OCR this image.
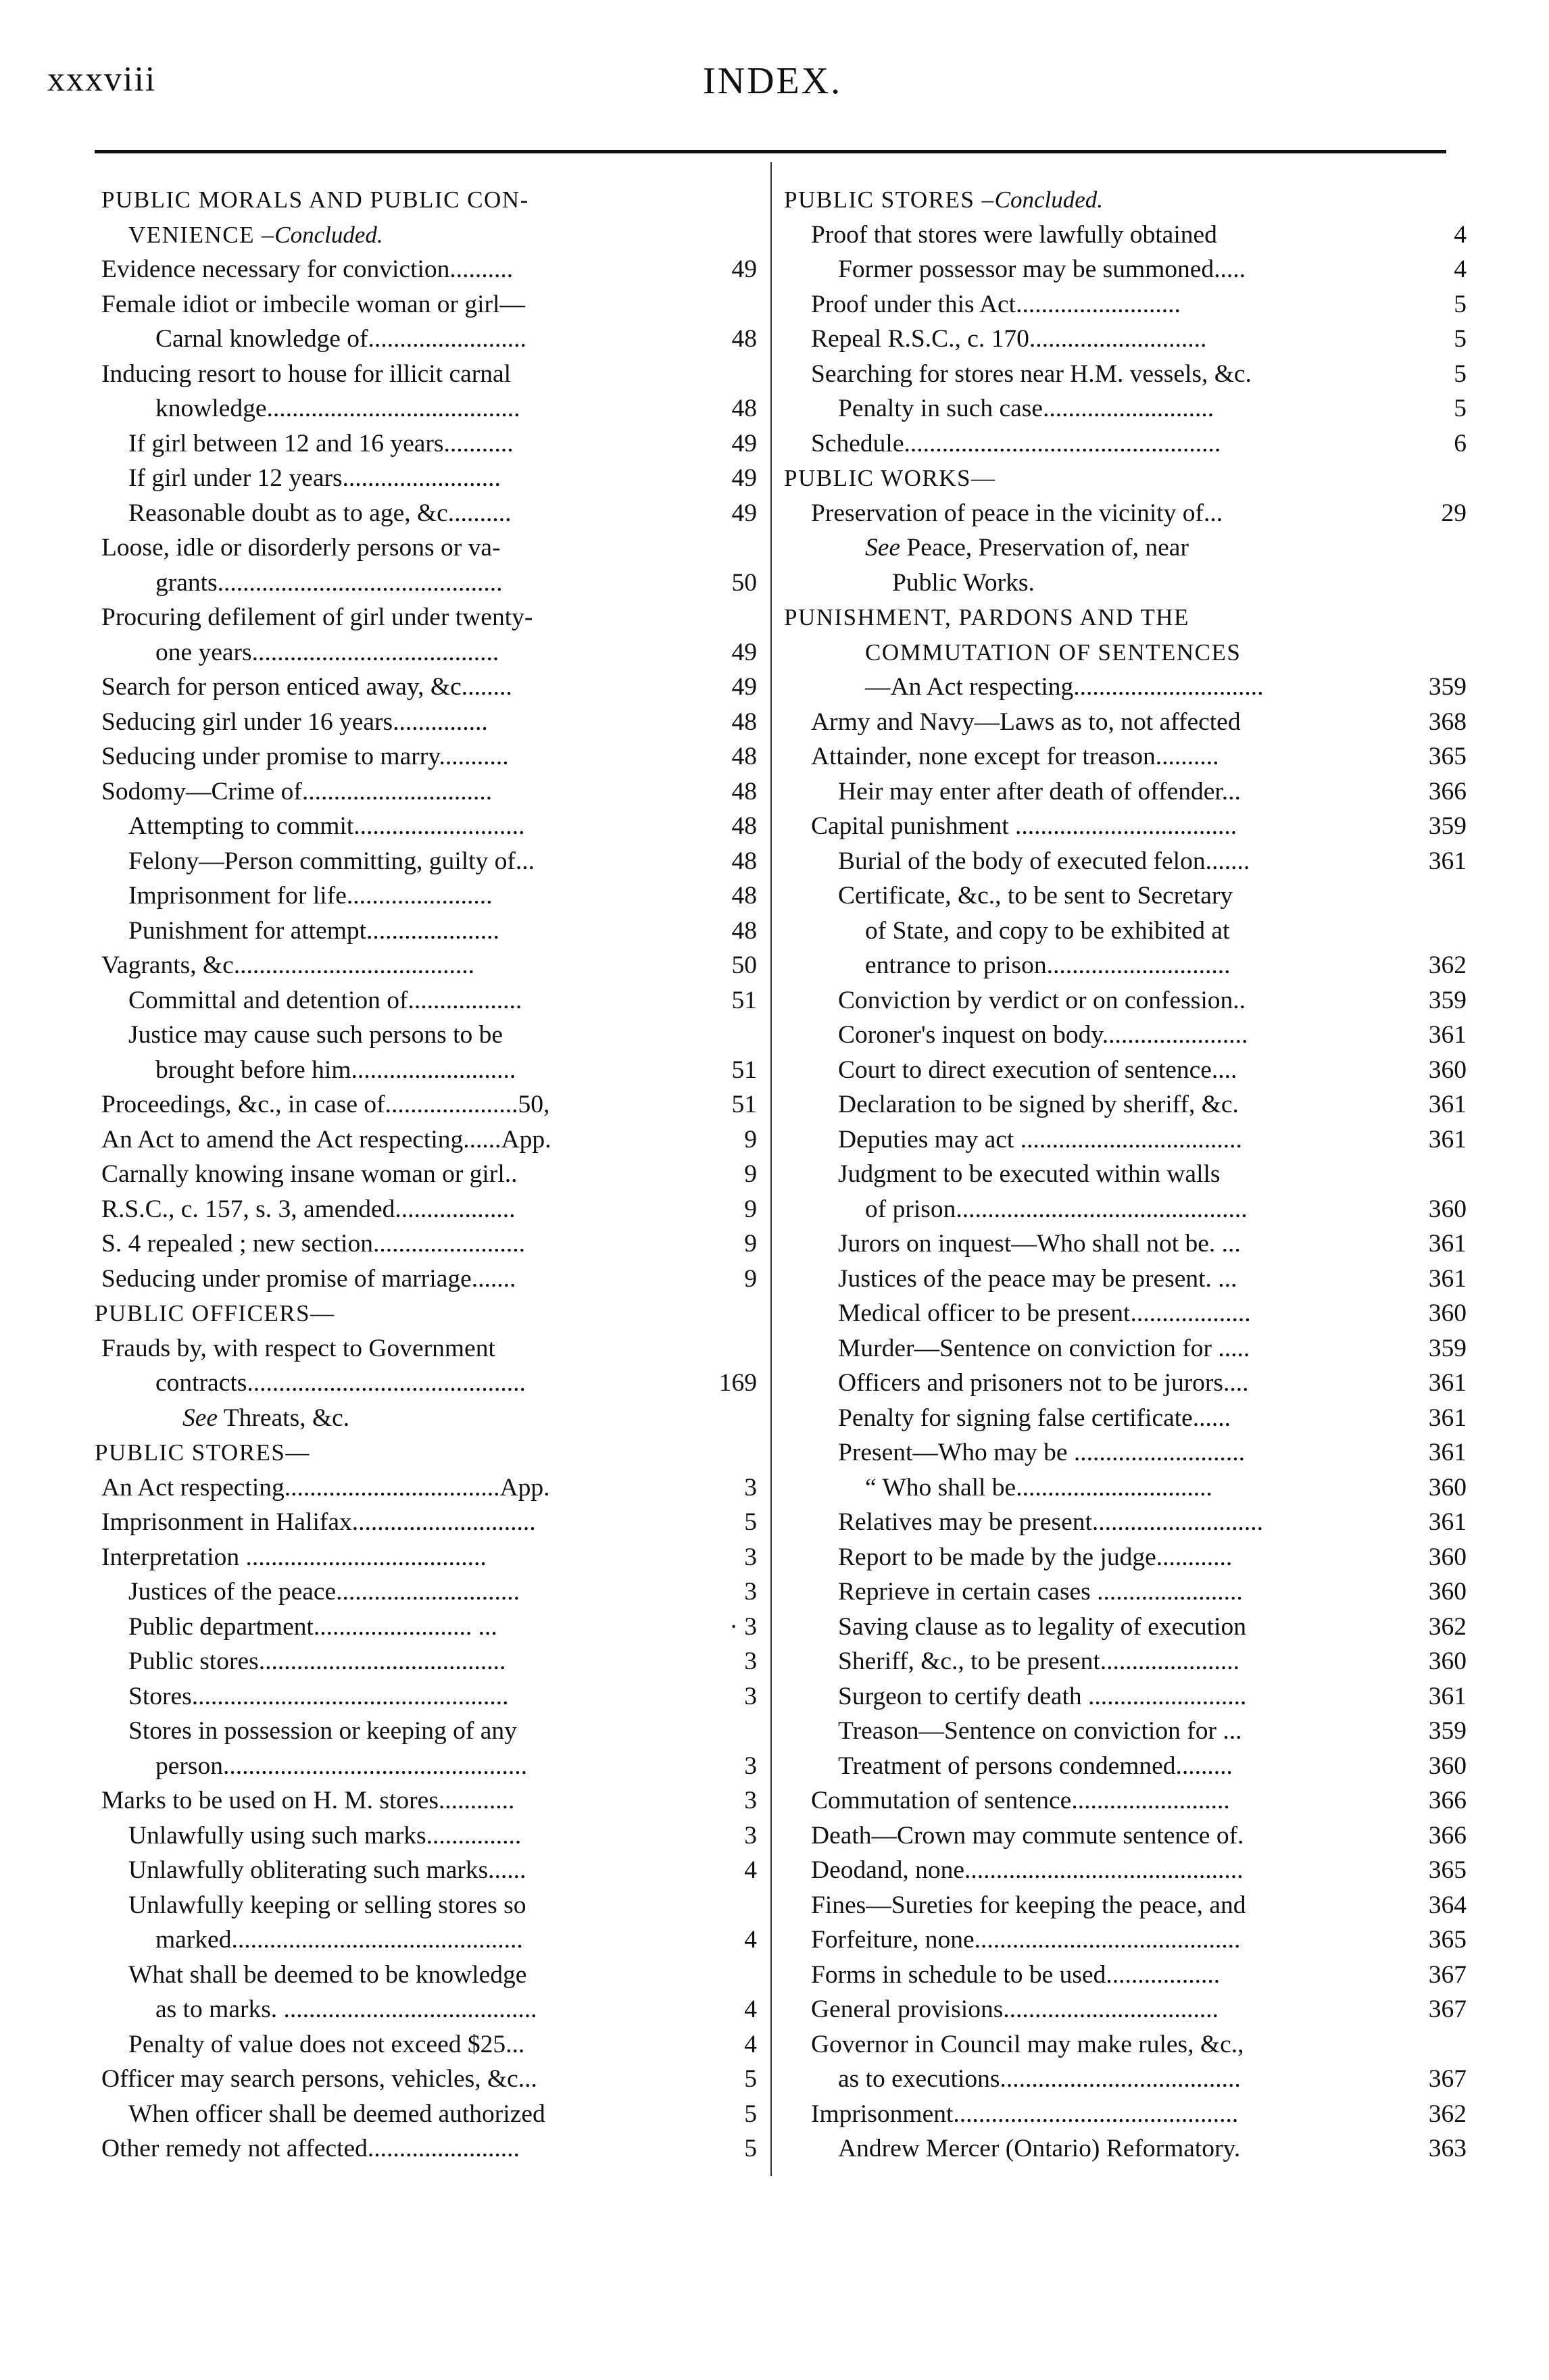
xxxviii	INDEX.
PUBLIC MORALS AND PUBLIC CON-
VENIENCE –Concluded.
Evidence necessary for conviction..........	49
Female idiot or imbecile woman or girl—
Carnal knowledge of.........................	48
Inducing resort to house for illicit carnal
knowledge........................................	48
If girl between 12 and 16 years...........	49
If girl under 12 years.........................	49
Reasonable doubt as to age, &c..........	49
Loose, idle or disorderly persons or va-
grants.............................................	50
Procuring defilement of girl under twenty-
one years.......................................	49
Search for person enticed away, &c........	49
Seducing girl under 16 years...............	48
Seducing under promise to marry...........	48
Sodomy—Crime of..............................	48
Attempting to commit...........................	48
Felony—Person committing, guilty of...	48
Imprisonment for life.......................	48
Punishment for attempt.....................	48
Vagrants, &c......................................	50
Committal and detention of..................	51
Justice may cause such persons to be
brought before him..........................	51
Proceedings, &c., in case of.....................50,	51
An Act to amend the Act respecting......App.	9
Carnally knowing insane woman or girl..	9
R.S.C., c. 157, s. 3, amended...................	9
S. 4 repealed ; new section........................	9
Seducing under promise of marriage.......	9
PUBLIC OFFICERS—
Frauds by, with respect to Government
contracts............................................	169
See Threats, &c.
PUBLIC STORES—
An Act respecting..................................App.	3
Imprisonment in Halifax.............................	5
Interpretation ......................................	3
Justices of the peace.............................	3
Public department......................... ...	· 3
Public stores.......................................	3
Stores..................................................	3
Stores in possession or keeping of any
person................................................	3
Marks to be used on H. M. stores............	3
Unlawfully using such marks...............	3
Unlawfully obliterating such marks......	4
Unlawfully keeping or selling stores so
marked..............................................	4
What shall be deemed to be knowledge
as to marks. ........................................	4
Penalty of value does not exceed $25...	4
Officer may search persons, vehicles, &c...	5
When officer shall be deemed authorized	5
Other remedy not affected........................	5
PUBLIC STORES –Concluded.
Proof that stores were lawfully obtained	4
Former possessor may be summoned.....	4
Proof under this Act..........................	5
Repeal R.S.C., c. 170............................	5
Searching for stores near H.M. vessels, &c.	5
Penalty in such case...........................	5
Schedule..................................................	6
PUBLIC WORKS—
Preservation of peace in the vicinity of...	29
See Peace, Preservation of, near
Public Works.
PUNISHMENT, PARDONS AND THE
COMMUTATION OF SENTENCES
—An Act respecting..............................	359
Army and Navy—Laws as to, not affected	368
Attainder, none except for treason..........	365
Heir may enter after death of offender...	366
Capital punishment ...................................	359
Burial of the body of executed felon.......	361
Certificate, &c., to be sent to Secretary
of State, and copy to be exhibited at
entrance to prison.............................	362
Conviction by verdict or on confession..	359
Coroner's inquest on body.......................	361
Court to direct execution of sentence....	360
Declaration to be signed by sheriff, &c.	361
Deputies may act ...................................	361
Judgment to be executed within walls
of prison..............................................	360
Jurors on inquest—Who shall not be. ...	361
Justices of the peace may be present. ...	361
Medical officer to be present...................	360
Murder—Sentence on conviction for .....	359
Officers and prisoners not to be jurors....	361
Penalty for signing false certificate......	361
Present—Who may be ...........................	361
“ Who shall be...............................	360
Relatives may be present...........................	361
Report to be made by the judge............	360
Reprieve in certain cases .......................	360
Saving clause as to legality of execution	362
Sheriff, &c., to be present......................	360
Surgeon to certify death .........................	361
Treason—Sentence on conviction for ...	359
Treatment of persons condemned.........	360
Commutation of sentence.........................	366
Death—Crown may commute sentence of.	366
Deodand, none............................................	365
Fines—Sureties for keeping the peace, and	364
Forfeiture, none..........................................	365
Forms in schedule to be used..................	367
General provisions..................................	367
Governor in Council may make rules, &c.,
as to executions......................................	367
Imprisonment.............................................	362
Andrew Mercer (Ontario) Reformatory.	363
